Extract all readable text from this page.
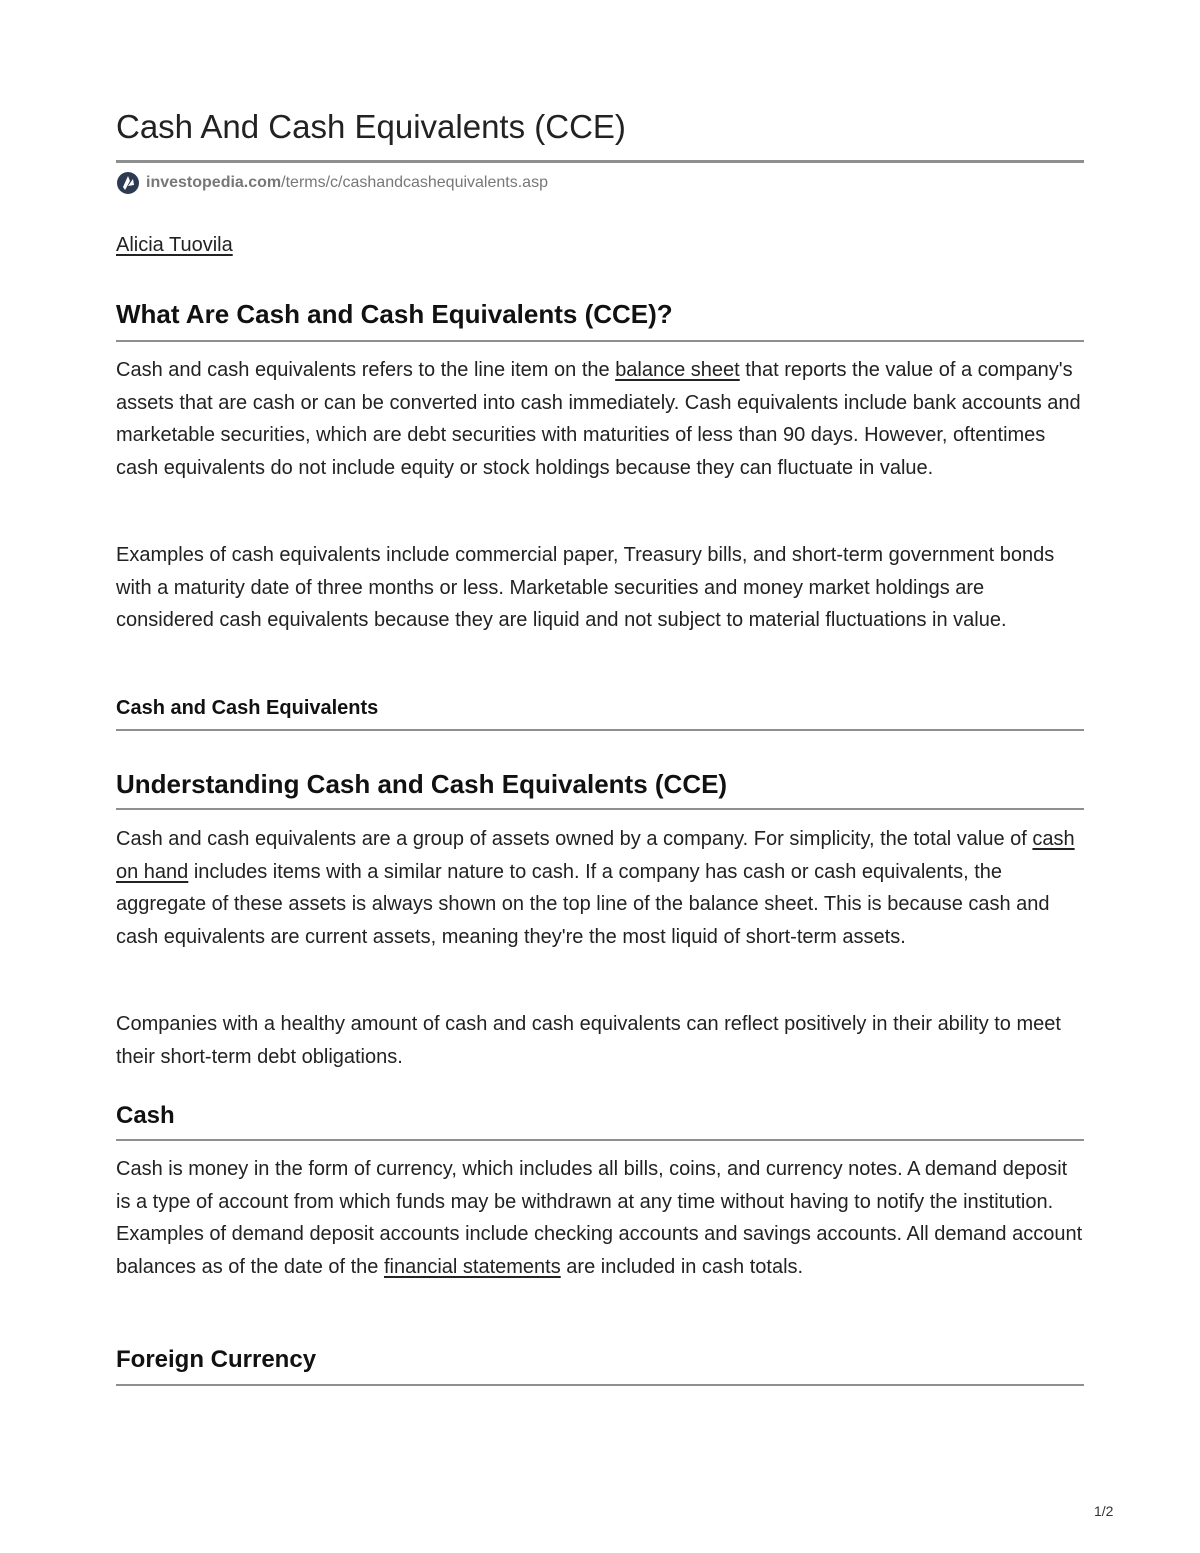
Cash And Cash Equivalents (CCE)
investopedia.com /terms/c/cashandcashequivalents.asp
Alicia Tuovila
What Are Cash and Cash Equivalents (CCE)?

Cash and cash equivalents refers to the line item on the balance sheet that reports the value of a company's assets that are cash or can be converted into cash immediately. Cash equivalents include bank accounts and marketable securities, which are debt securities with maturities of less than 90 days. However, oftentimes cash equivalents do not include equity or stock holdings because they can fluctuate in value.

Examples of cash equivalents include commercial paper, Treasury bills, and short-term government bonds with a maturity date of three months or less. Marketable securities and money market holdings are considered cash equivalents because they are liquid and not subject to material fluctuations in value.

Cash and Cash Equivalents
Understanding Cash and Cash Equivalents (CCE)

Cash and cash equivalents are a group of assets owned by a company. For simplicity, the total value of cash on hand includes items with a similar nature to cash. If a company has cash or cash equivalents, the aggregate of these assets is always shown on the top line of the balance sheet. This is because cash and cash equivalents are current assets, meaning they're the most liquid of short-term assets.

Companies with a healthy amount of cash and cash equivalents can reflect positively in their ability to meet their short-term debt obligations.

Cash

Cash is money in the form of currency, which includes all bills, coins, and currency notes. A demand deposit is a type of account from which funds may be withdrawn at any time without having to notify the institution. Examples of demand deposit accounts include checking accounts and savings accounts. All demand account balances as of the date of the financial statements are included in cash totals.

Foreign Currency
1/2
